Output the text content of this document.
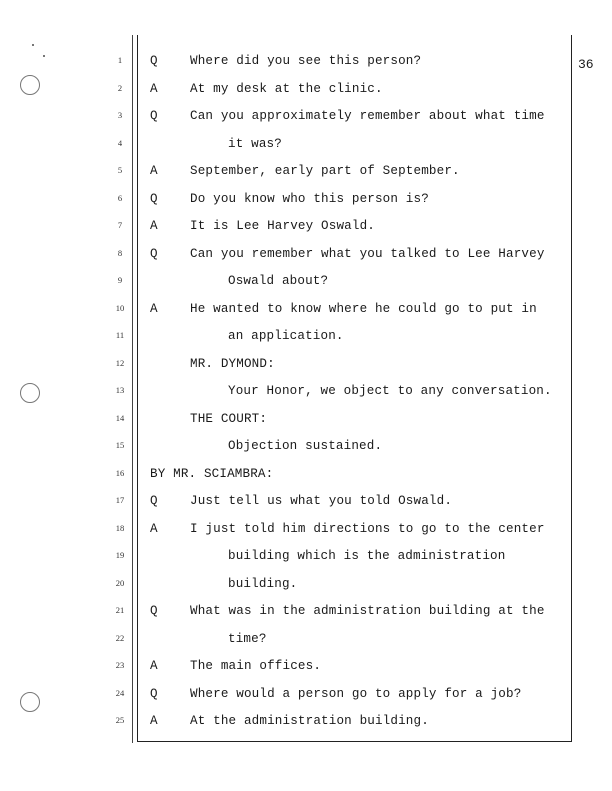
36
1	Q	Where did you see this person?
2	A	At my desk at the clinic.
3	Q	Can you approximately remember about what time
4	it was?
5	A	September, early part of September.
6	Q	Do you know who this person is?
7	A	It is Lee Harvey Oswald.
8	Q	Can you remember what you talked to Lee Harvey
9	Oswald about?
10	A	He wanted to know where he could go to put in
11	an application.
12	MR. DYMOND:
13	Your Honor, we object to any conversation.
14	THE COURT:
15	Objection sustained.
16	BY MR. SCIAMBRA:
17	Q	Just tell us what you told Oswald.
18	A	I just told him directions to go to the center
19	building which is the administration
20	building.
21	Q	What was in the administration building at the
22	time?
23	A	The main offices.
24	Q	Where would a person go to apply for a job?
25	A	At the administration building.
